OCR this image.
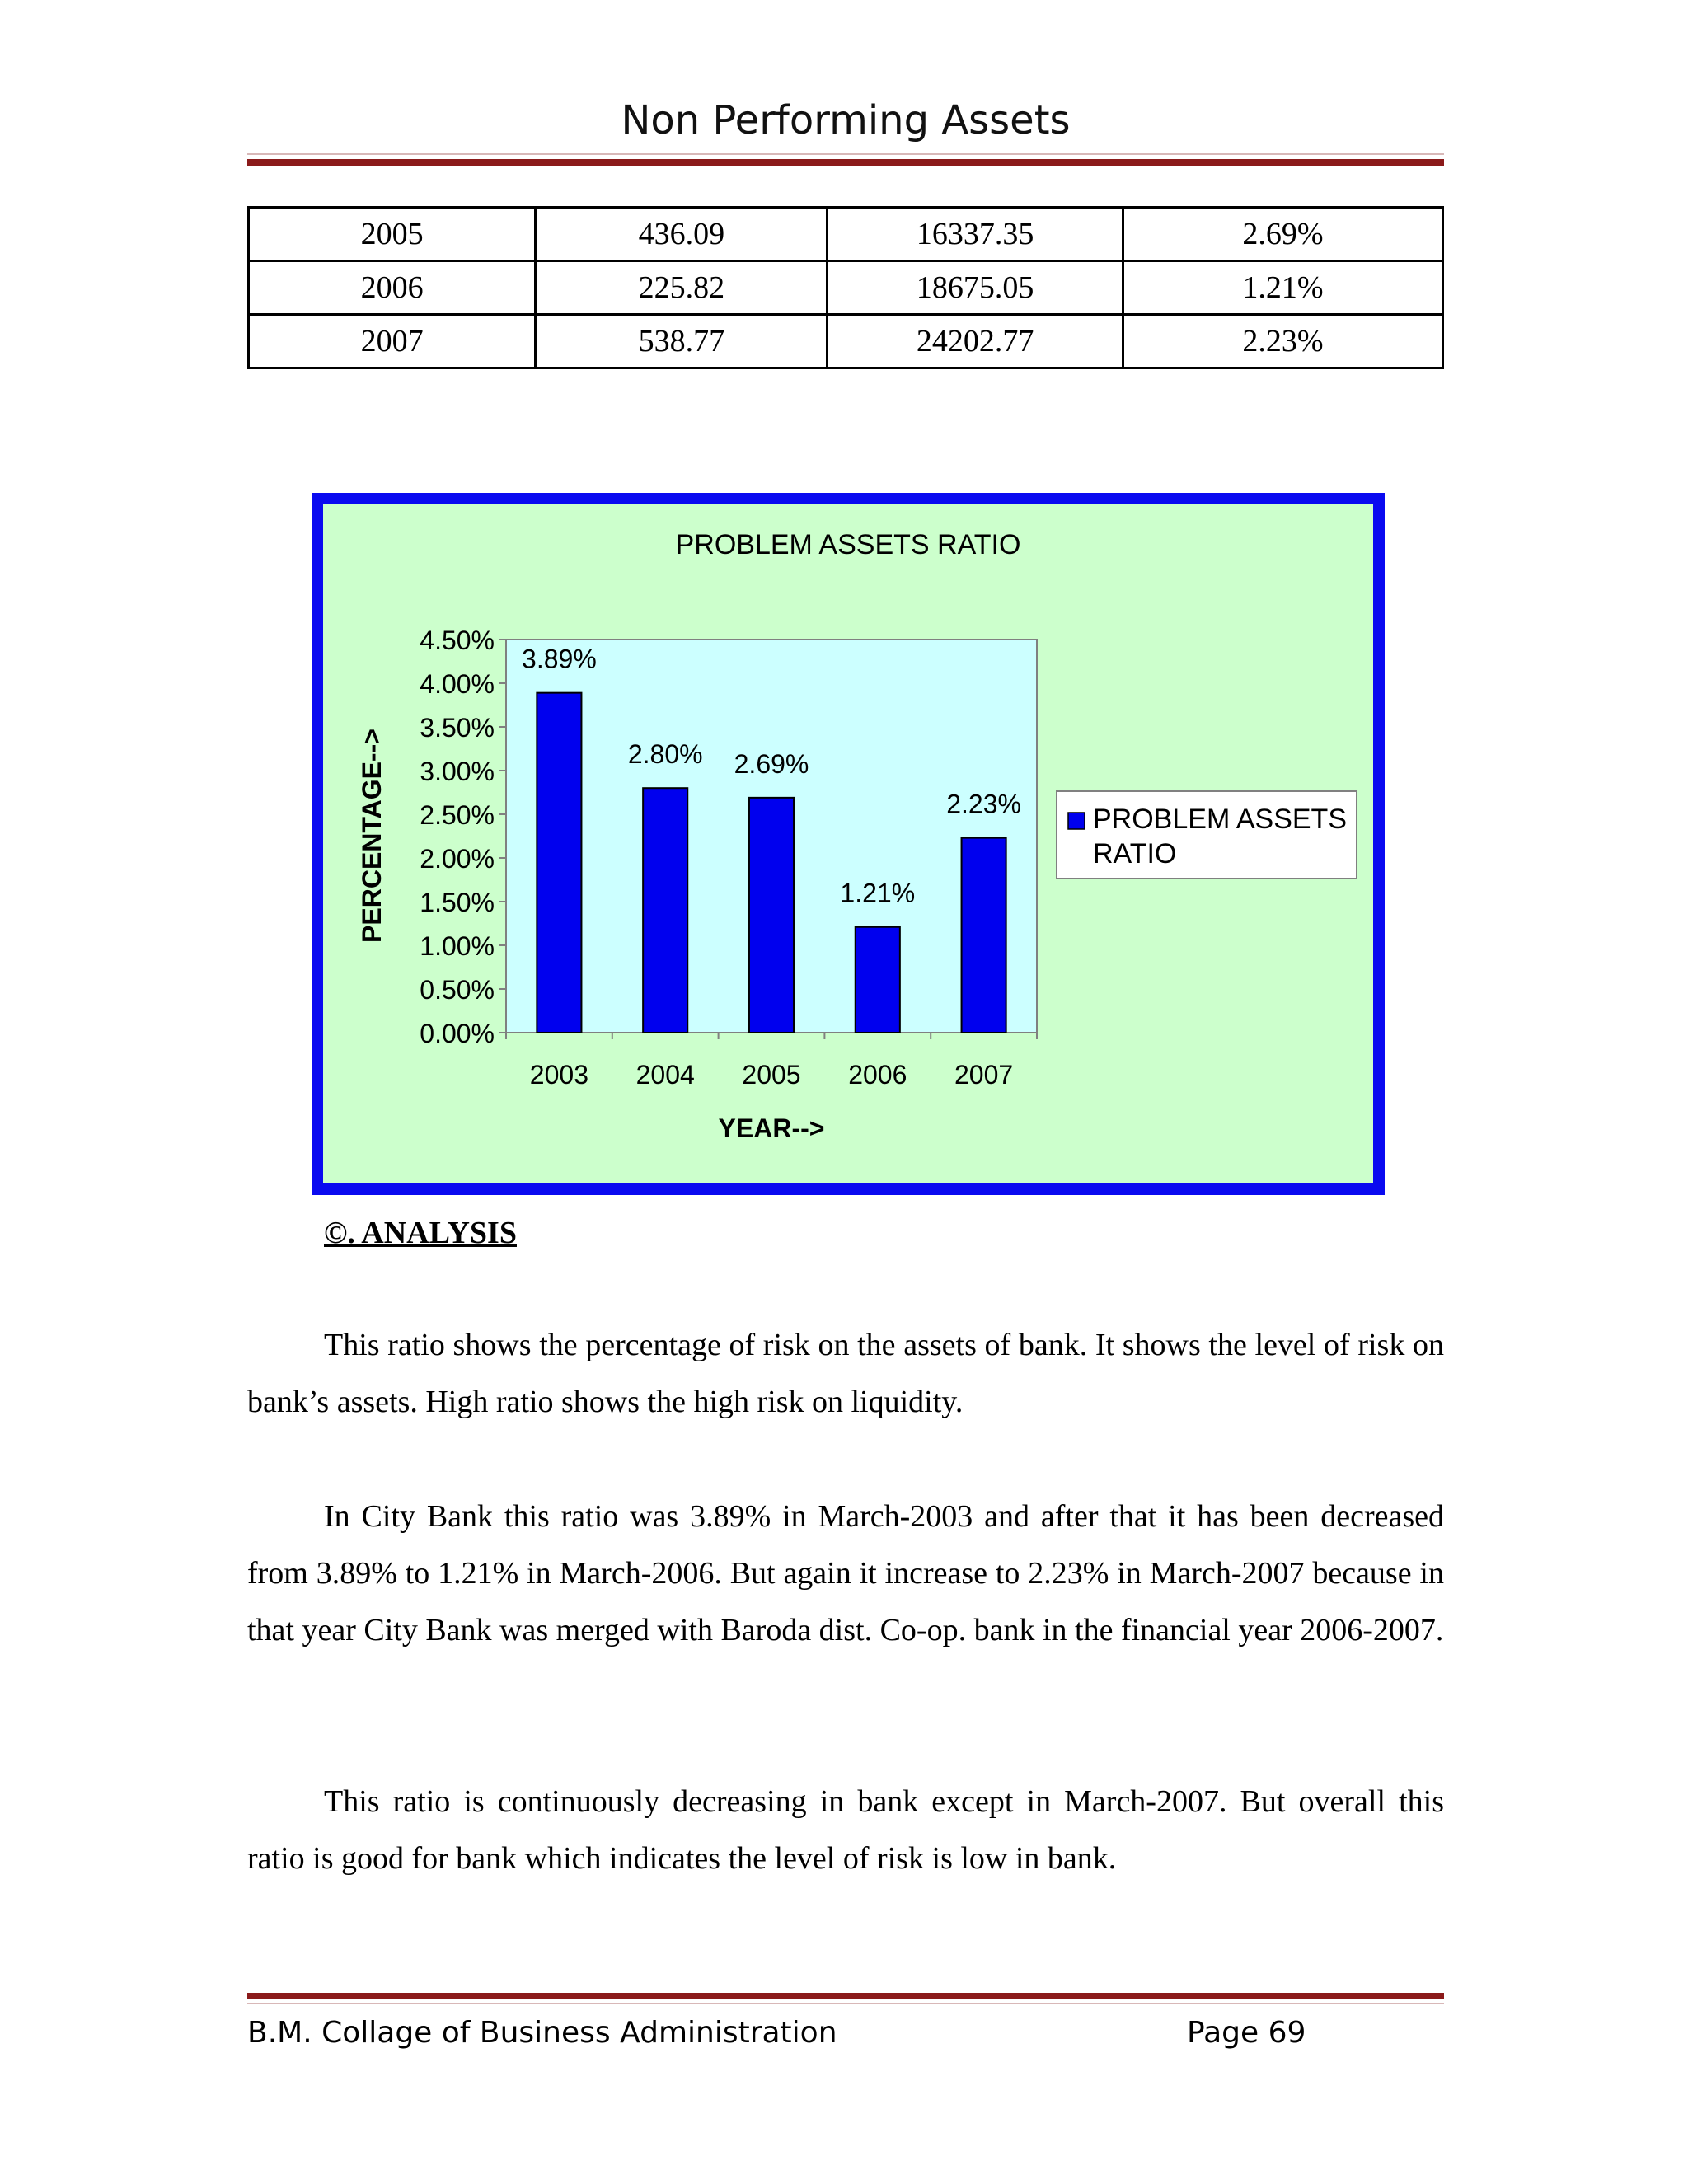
Non Performing Assets
2005	436.09	16337.35	2.69%
2006	225.82	18675.05	1.21%
2007	538.77	24202.77	2.23%
PROBLEM ASSETS RATIO
0.00%
0.50%
1.00%
1.50%
2.00%
2.50%
3.00%
3.50%
4.00%
4.50%
3.89%
2.80% 2.69%
1.21%
2.23%
2003 2004 2005 2006 2007
PERCENTAGE-->
YEAR-->
PROBLEM ASSETS
RATIO
©. ANALYSIS

This ratio shows the percentage of risk on the assets of bank. It shows the level of risk on bank’s assets. High ratio shows the high risk on liquidity.

In City Bank this ratio was 3.89% in March-2003 and after that it has been decreased from 3.89% to 1.21% in March-2006. But again it increase to 2.23% in March-2007 because in that year City Bank was merged with Baroda dist. Co-op. bank in the financial year 2006-2007.

This ratio is continuously decreasing in bank except in March-2007. But overall this ratio is good for bank which indicates the level of risk is low in bank.

B.M. Collage of Business Administration	Page 69
